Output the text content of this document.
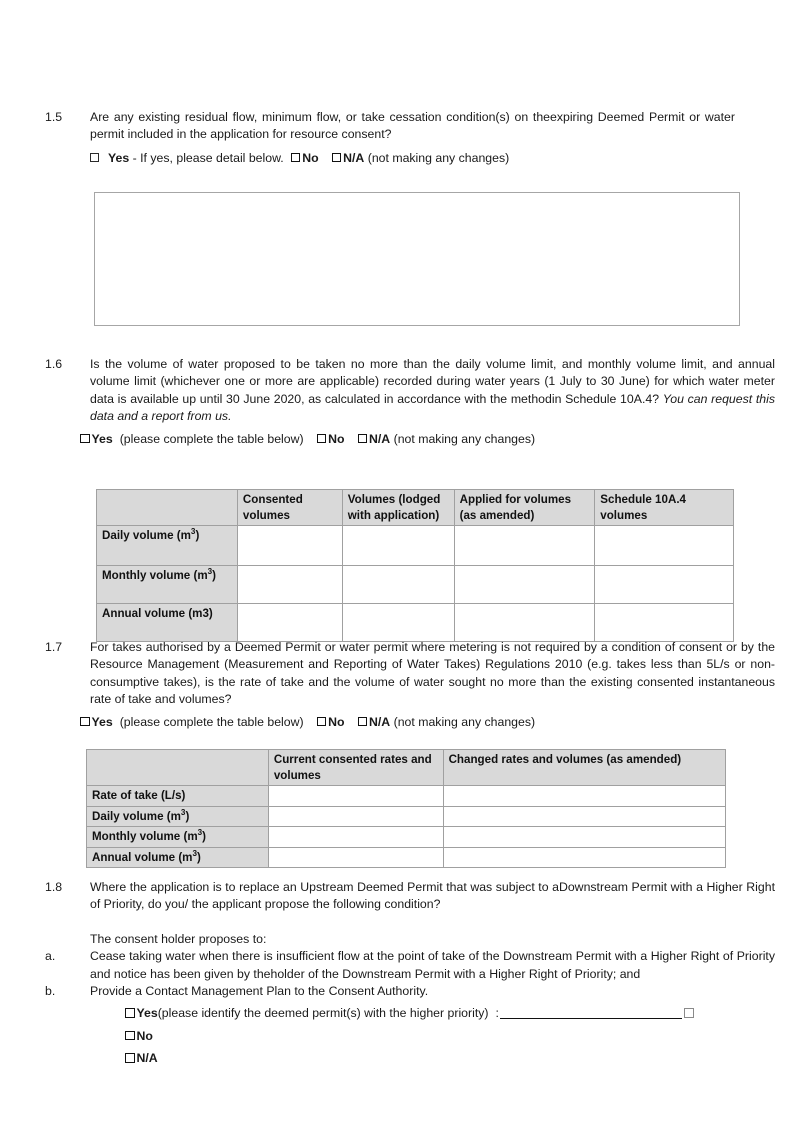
1.5	Are any existing residual flow, minimum flow, or take cessation condition(s) on theexpiring Deemed Permit or water permit included in the application for resource consent?
Yes - If yes, please detail below. No N/A (not making any changes)
1.6	Is the volume of water proposed to be taken no more than the daily volume limit, and monthly volume limit, and annual volume limit (whichever one or more are applicable) recorded during water years (1 July to 30 June) for which water meter data is available up until 30 June 2020, as calculated in accordance with the methodin Schedule 10A.4? You can request this data and a report from us.
Yes (please complete the table below) No N/A (not making any changes)
	Consented volumes	Volumes (lodged with application)	Applied for volumes (as amended)	Schedule 10A.4 volumes
Daily volume $(m^3)$				
Monthly volume $(m^3)$				
Annual volume (m3)				
1.7	For takes authorised by a Deemed Permit or water permit where metering is not required by a condition of consent or by the Resource Management (Measurement and Reporting of Water Takes) Regulations 2010 (e.g. takes less than 5L/s or non-consumptive takes), is the rate of take and the volume of water sought no more than the existing consented instantaneous rate of take and volumes?
Yes (please complete the table below) No N/A (not making any changes)
	Current consented rates and volumes	Changed rates and volumes (as amended)
Rate of take (L/s)		
Daily volume $(m^3)$		
Monthly volume $(m^3)$		
Annual volume $(m^3)$		
1.8	Where the application is to replace an Upstream Deemed Permit that was subject to aDownstream Permit with a Higher Right of Priority, do you/ the applicant propose the following condition?
The consent holder proposes to:
a.	Cease taking water when there is insufficient flow at the point of take of the Downstream Permit with a Higher Right of Priority and notice has been given by theholder of the Downstream Permit with a Higher Right of Priority; and
b.	Provide a Contact Management Plan to the Consent Authority.
Yes(please identify the deemed permit(s) with the higher priority) :
No
N/A
